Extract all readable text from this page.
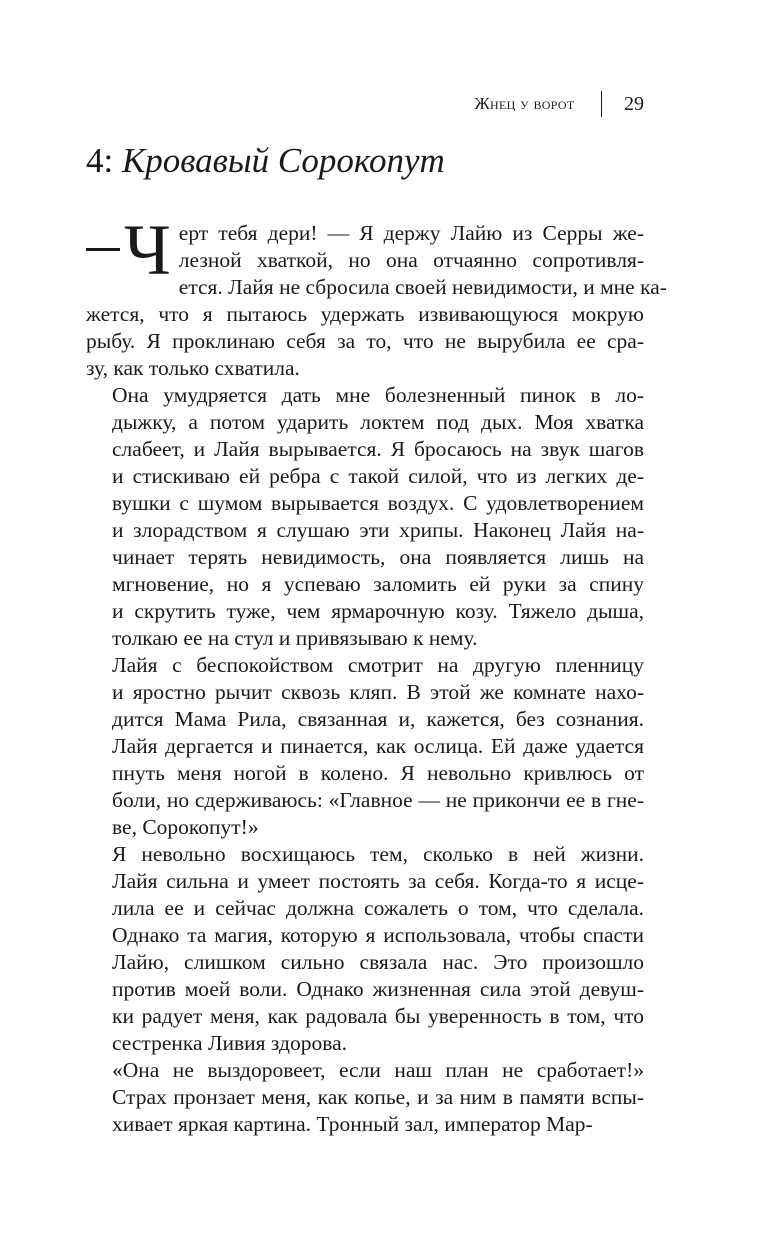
Жнец у ворот 29
4: Кровавый Сорокопут
Ч ерт тебя дери! — Я держу Лайю из Серры же-
лезной хваткой, но она отчаянно сопротивля-
ется. Лайя не сбросила своей невидимости, и мне ка-
жется, что я пытаюсь удержать извивающуюся мокрую
рыбу. Я проклинаю себя за то, что не вырубила ее сра-
зу, как только схватила.
Она умудряется дать мне болезненный пинок в ло-
дыжку, а потом ударить локтем под дых. Моя хватка
слабеет, и Лайя вырывается. Я бросаюсь на звук шагов
и стискиваю ей ребра с такой силой, что из легких де-
вушки с шумом вырывается воздух. С удовлетворением
и злорадством я слушаю эти хрипы. Наконец Лайя на-
чинает терять невидимость, она появляется лишь на
мгновение, но я успеваю заломить ей руки за спину
и скрутить туже, чем ярмарочную козу. Тяжело дыша,
толкаю ее на стул и привязываю к нему.
Лайя с беспокойством смотрит на другую пленницу
и яростно рычит сквозь кляп. В этой же комнате нахо-
дится Мама Рила, связанная и, кажется, без сознания.
Лайя дергается и пинается, как ослица. Ей даже удается
пнуть меня ногой в колено. Я невольно кривлюсь от
боли, но сдерживаюсь: «Главное — не прикончи ее в гне-
ве, Сорокопут!»
Я невольно восхищаюсь тем, сколько в ней жизни.
Лайя сильна и умеет постоять за себя. Когда-то я исце-
лила ее и сейчас должна сожалеть о том, что сделала.
Однако та магия, которую я использовала, чтобы спасти
Лайю, слишком сильно связала нас. Это произошло
против моей воли. Однако жизненная сила этой девуш-
ки радует меня, как радовала бы уверенность в том, что
сестренка Ливия здорова.
«Она не выздоровеет, если наш план не сработает!»
Страх пронзает меня, как копье, и за ним в памяти вспы-
хивает яркая картина. Тронный зал, император Мар-
